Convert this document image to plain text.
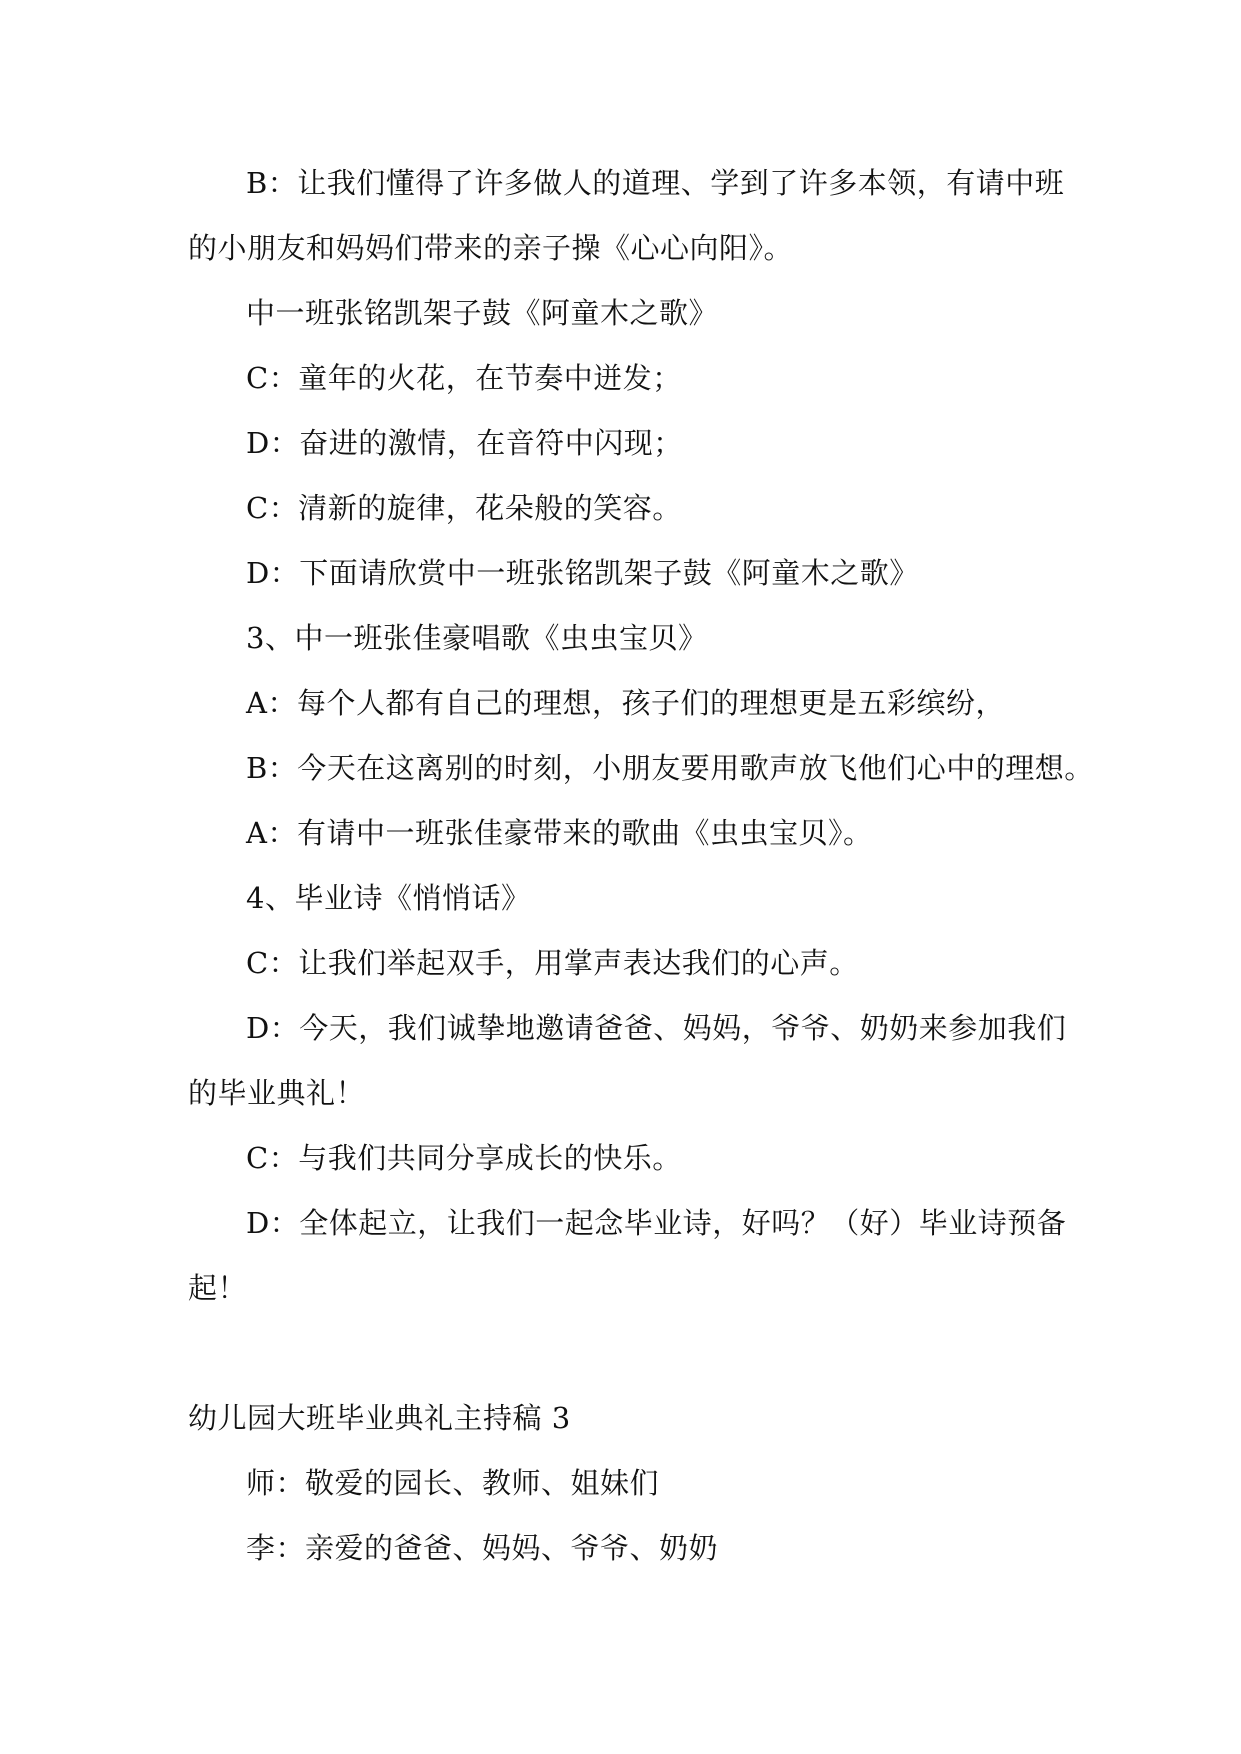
B：让我们懂得了许多做人的道理、学到了许多本领，有请中班
的小朋友和妈妈们带来的亲子操《心心向阳》。
中一班张铭凯架子鼓《阿童木之歌》
C：童年的火花，在节奏中迸发；
D：奋进的激情，在音符中闪现；
C：清新的旋律，花朵般的笑容。
D：下面请欣赏中一班张铭凯架子鼓《阿童木之歌》
3、中一班张佳豪唱歌《虫虫宝贝》
A：每个人都有自己的理想，孩子们的理想更是五彩缤纷，
B：今天在这离别的时刻，小朋友要用歌声放飞他们心中的理想。
A：有请中一班张佳豪带来的歌曲《虫虫宝贝》。
4、毕业诗《悄悄话》
C：让我们举起双手，用掌声表达我们的心声。
D：今天，我们诚挚地邀请爸爸、妈妈，爷爷、奶奶来参加我们
的毕业典礼！
C：与我们共同分享成长的快乐。
D：全体起立，让我们一起念毕业诗，好吗？（好）毕业诗预备
起！
幼儿园大班毕业典礼主持稿 3
师：敬爱的园长、教师、姐妹们
李：亲爱的爸爸、妈妈、爷爷、奶奶
